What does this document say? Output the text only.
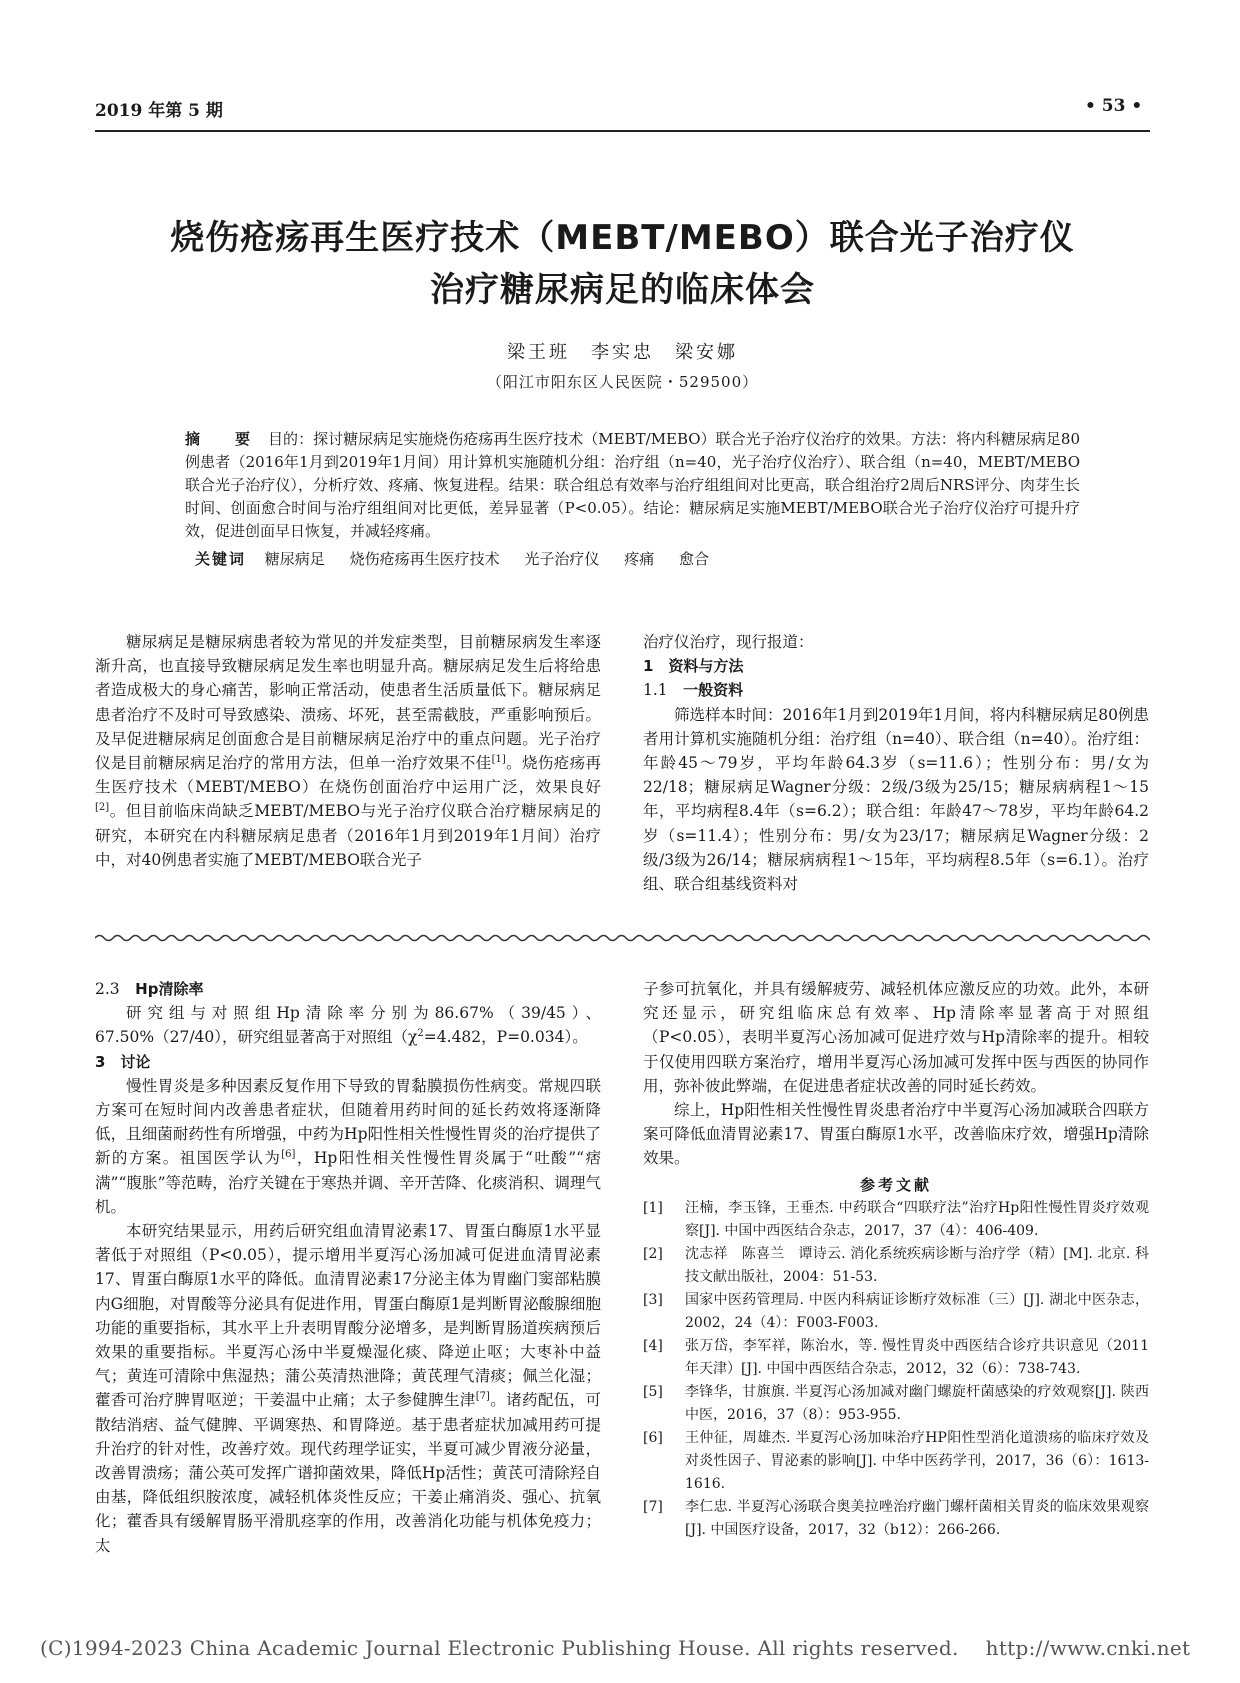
2019 年第 5 期	• 53 •
烧伤疮疡再生医疗技术（MEBT/MEBO）联合光子治疗仪
治疗糖尿病足的临床体会
梁王班　李实忠　梁安娜
（阳江市阳东区人民医院・529500）
摘　要 目的：探讨糖尿病足实施烧伤疮疡再生医疗技术（MEBT/MEBO）联合光子治疗仪治疗的效果。方法：将内科糖尿病足80例患者（2016年1月到2019年1月间）用计算机实施随机分组：治疗组（n=40，光子治疗仪治疗）、联合组（n=40，MEBT/MEBO联合光子治疗仪），分析疗效、疼痛、恢复进程。结果：联合组总有效率与治疗组组间对比更高，联合组治疗2周后NRS评分、肉芽生长时间、创面愈合时间与治疗组组间对比更低，差异显著（P<0.05）。结论：糖尿病足实施MEBT/MEBO联合光子治疗仪治疗可提升疗效，促进创面早日恢复，并减轻疼痛。
关键词 糖尿病足 烧伤疮疡再生医疗技术 光子治疗仪 疼痛 愈合

糖尿病足是糖尿病患者较为常见的并发症类型，目前糖尿病发生率逐渐升高，也直接导致糖尿病足发生率也明显升高。糖尿病足发生后将给患者造成极大的身心痛苦，影响正常活动，使患者生活质量低下。糖尿病足患者治疗不及时可导致感染、溃疡、坏死，甚至需截肢，严重影响预后。及早促进糖尿病足创面愈合是目前糖尿病足治疗中的重点问题。光子治疗仪是目前糖尿病足治疗的常用方法，但单一治疗效果不佳[1]。烧伤疮疡再生医疗技术（MEBT/MEBO）在烧伤创面治疗中运用广泛，效果良好[2]。但目前临床尚缺乏MEBT/MEBO与光子治疗仪联合治疗糖尿病足的研究，本研究在内科糖尿病足患者（2016年1月到2019年1月间）治疗中，对40例患者实施了MEBT/MEBO联合光子

治疗仪治疗，现行报道：

1　资料与方法

1.1　一般资料

筛选样本时间：2016年1月到2019年1月间，将内科糖尿病足80例患者用计算机实施随机分组：治疗组（n=40）、联合组（n=40）。治疗组：年龄45～79岁，平均年龄64.3岁（s=11.6）；性别分布：男/女为22/18；糖尿病足Wagner分级：2级/3级为25/15；糖尿病病程1～15年，平均病程8.4年（s=6.2）；联合组：年龄47～78岁，平均年龄64.2岁（s=11.4）；性别分布：男/女为23/17；糖尿病足Wagner分级：2级/3级为26/14；糖尿病病程1～15年，平均病程8.5年（s=6.1）。治疗组、联合组基线资料对

2.3　Hp清除率

研究组与对照组Hp清除率分别为86.67%（39/45）、67.50%（27/40），研究组显著高于对照组（$\chi^2=4.482$，P=0.034）。

3　讨论

慢性胃炎是多种因素反复作用下导致的胃黏膜损伤性病变。常规四联方案可在短时间内改善患者症状，但随着用药时间的延长药效将逐渐降低，且细菌耐药性有所增强，中药为Hp阳性相关性慢性胃炎的治疗提供了新的方案。祖国医学认为[6]，Hp阳性相关性慢性胃炎属于“吐酸”“痞满”“腹胀”等范畴，治疗关键在于寒热并调、辛开苦降、化痰消积、调理气机。

本研究结果显示，用药后研究组血清胃泌素17、胃蛋白酶原1水平显著低于对照组（P<0.05），提示增用半夏泻心汤加减可促进血清胃泌素17、胃蛋白酶原1水平的降低。血清胃泌素17分泌主体为胃幽门窦部粘膜内G细胞，对胃酸等分泌具有促进作用，胃蛋白酶原1是判断胃泌酸腺细胞功能的重要指标，其水平上升表明胃酸分泌增多，是判断胃肠道疾病预后效果的重要指标。半夏泻心汤中半夏燥湿化痰、降逆止呕；大枣补中益气；黄连可清除中焦湿热；蒲公英清热泄降；黄芪理气清痰；佩兰化湿；藿香可治疗脾胃呕逆；干姜温中止痛；太子参健脾生津[7]。诸药配伍，可散结消痞、益气健脾、平调寒热、和胃降逆。基于患者症状加减用药可提升治疗的针对性，改善疗效。现代药理学证实，半夏可减少胃液分泌量，改善胃溃疡；蒲公英可发挥广谱抑菌效果，降低Hp活性；黄芪可清除羟自由基，降低组织胺浓度，减轻机体炎性反应；干姜止痛消炎、强心、抗氧化；藿香具有缓解胃肠平滑肌痉挛的作用，改善消化功能与机体免疫力；太

子参可抗氧化，并具有缓解疲劳、减轻机体应激反应的功效。此外，本研究还显示，研究组临床总有效率、Hp清除率显著高于对照组（P<0.05），表明半夏泻心汤加减可促进疗效与Hp清除率的提升。相较于仅使用四联方案治疗，增用半夏泻心汤加减可发挥中医与西医的协同作用，弥补彼此弊端，在促进患者症状改善的同时延长药效。

综上，Hp阳性相关性慢性胃炎患者治疗中半夏泻心汤加减联合四联方案可降低血清胃泌素17、胃蛋白酶原1水平，改善临床疗效，增强Hp清除效果。

参考文献

[1]	汪楠，李玉锋，王垂杰. 中药联合“四联疗法”治疗Hp阳性慢性胃炎疗效观察[J]. 中国中西医结合杂志，2017，37（4）：406-409.
[2]	沈志祥　陈喜兰　谭诗云. 消化系统疾病诊断与治疗学（精）[M]. 北京. 科技文献出版社，2004：51-53.
[3]	国家中医药管理局. 中医内科病证诊断疗效标准（三）[J]. 湖北中医杂志，2002，24（4）：F003-F003.
[4]	张万岱，李军祥，陈治水，等. 慢性胃炎中西医结合诊疗共识意见（2011年天津）[J]. 中国中西医结合杂志，2012，32（6）：738-743.
[5]	李锋华，甘旗旗. 半夏泻心汤加减对幽门螺旋杆菌感染的疗效观察[J]. 陕西中医，2016，37（8）：953-955.
[6]	王仲征，周雄杰. 半夏泻心汤加味治疗HP阳性型消化道溃疡的临床疗效及对炎性因子、胃泌素的影响[J]. 中华中医药学刊，2017，36（6）：1613-1616.
[7]	李仁忠. 半夏泻心汤联合奥美拉唑治疗幽门螺杆菌相关胃炎的临床效果观察[J]. 中国医疗设备，2017，32（b12）：266-266.
(C)1994-2023 China Academic Journal Electronic Publishing House. All rights reserved.　 http://www.cnki.net
